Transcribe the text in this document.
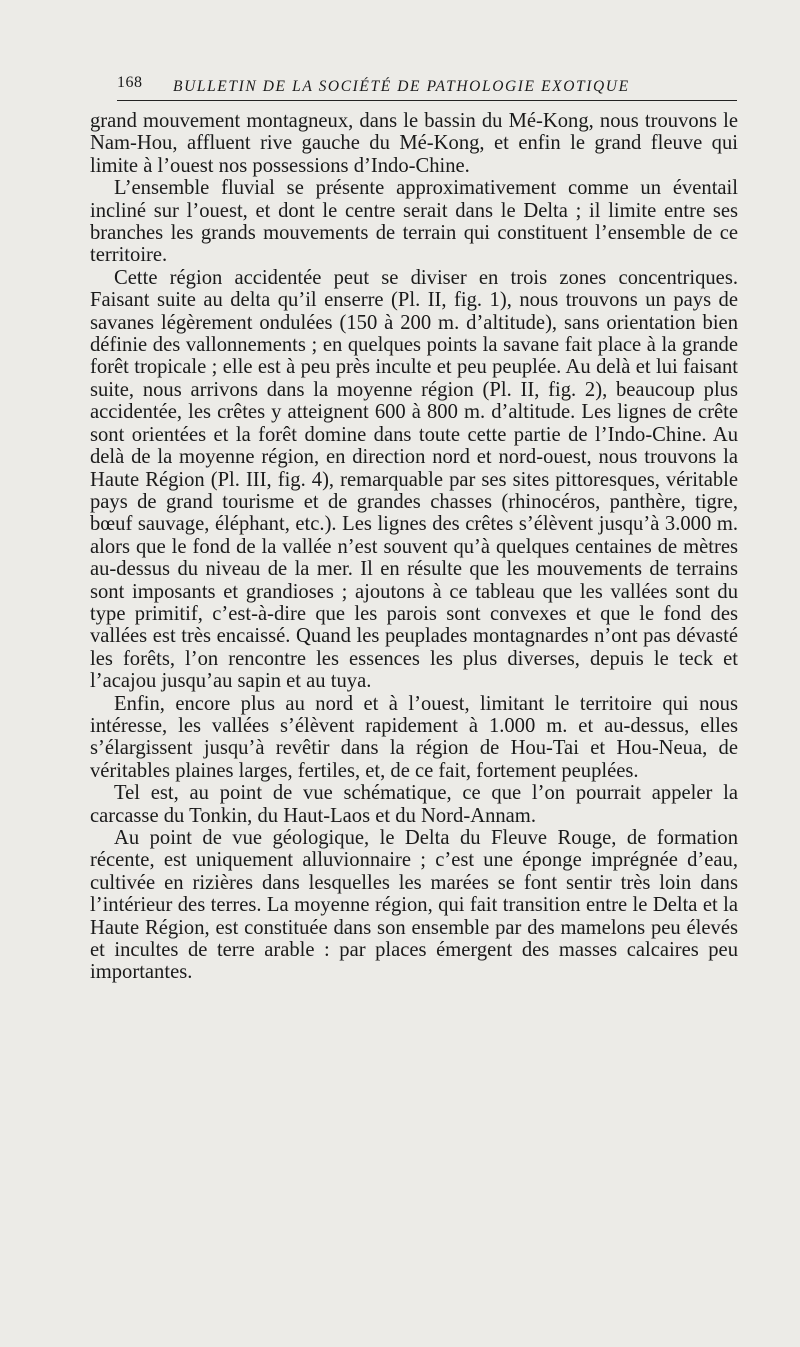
168 BULLETIN DE LA SOCIÉTÉ DE PATHOLOGIE EXOTIQUE

grand mouvement montagneux, dans le bassin du Mé-Kong, nous trouvons le Nam-Hou, affluent rive gauche du Mé-Kong, et enfin le grand fleuve qui limite à l’ouest nos possessions d’Indo-Chine.

L’ensemble fluvial se présente approximativement comme un éventail incliné sur l’ouest, et dont le centre serait dans le Delta ; il limite entre ses branches les grands mouvements de terrain qui constituent l’ensemble de ce territoire.

Cette région accidentée peut se diviser en trois zones concentriques. Faisant suite au delta qu’il enserre (Pl. II, fig. 1), nous trouvons un pays de savanes légèrement ondulées (150 à 200 m. d’altitude), sans orientation bien définie des vallonnements ; en quelques points la savane fait place à la grande forêt tropicale ; elle est à peu près inculte et peu peuplée. Au delà et lui faisant suite, nous arrivons dans la moyenne région (Pl. II, fig. 2), beaucoup plus accidentée, les crêtes y atteignent 600 à 800 m. d’altitude. Les lignes de crête sont orientées et la forêt domine dans toute cette partie de l’Indo-Chine. Au delà de la moyenne région, en direction nord et nord-ouest, nous trouvons la Haute Région (Pl. III, fig. 4), remarquable par ses sites pittoresques, véritable pays de grand tourisme et de grandes chasses (rhinocéros, panthère, tigre, bœuf sauvage, éléphant, etc.). Les lignes des crêtes s’élèvent jusqu’à 3.000 m. alors que le fond de la vallée n’est souvent qu’à quelques centaines de mètres au-dessus du niveau de la mer. Il en résulte que les mouvements de terrains sont imposants et grandioses ; ajoutons à ce tableau que les vallées sont du type primitif, c’est-à-dire que les parois sont convexes et que le fond des vallées est très encaissé. Quand les peuplades montagnardes n’ont pas dévasté les forêts, l’on rencontre les essences les plus diverses, depuis le teck et l’acajou jusqu’au sapin et au tuya.

Enfin, encore plus au nord et à l’ouest, limitant le territoire qui nous intéresse, les vallées s’élèvent rapidement à 1.000 m. et au-dessus, elles s’élargissent jusqu’à revêtir dans la région de Hou-Tai et Hou-Neua, de véritables plaines larges, fertiles, et, de ce fait, fortement peuplées.

Tel est, au point de vue schématique, ce que l’on pourrait appeler la carcasse du Tonkin, du Haut-Laos et du Nord-Annam.

Au point de vue géologique, le Delta du Fleuve Rouge, de formation récente, est uniquement alluvionnaire ; c’est une éponge imprégnée d’eau, cultivée en rizières dans lesquelles les marées se font sentir très loin dans l’intérieur des terres. La moyenne région, qui fait transition entre le Delta et la Haute Région, est constituée dans son ensemble par des mamelons peu élevés et incultes de terre arable : par places émergent des masses calcaires peu importantes.
